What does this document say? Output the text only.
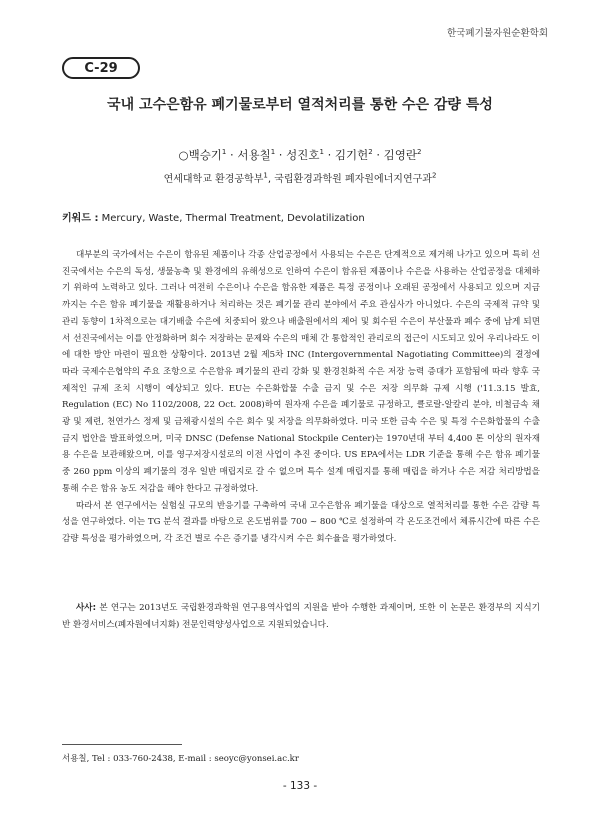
한국폐기물자원순환학회
C-29
국내 고수은함유 폐기물로부터 열적처리를 통한 수은 감량 특성
○백승기$^1$ · 서용칠$^1$ · 성진호$^1$ · 김기헌$^2$ · 김영란$^2$
연세대학교 환경공학부$^1$, 국립환경과학원 폐자원에너지연구과$^2$
키워드 : Mercury, Waste, Thermal Treatment, Devolatilization

대부분의 국가에서는 수은이 함유된 제품이나 각종 산업공정에서 사용되는 수은은 단계적으로 제거해 나가고 있으며 특히 선진국에서는 수은의 독성, 생물농축 및 환경에의 유해성으로 인하여 수은이 함유된 제품이나 수은을 사용하는 산업공정을 대체하기 위하여 노력하고 있다. 그러나 여전히 수은이나 수은을 함유한 제품은 특정 공정이나 오래된 공정에서 사용되고 있으며 지금까지는 수은 함유 폐기물을 재활용하거나 처리하는 것은 폐기물 관리 분야에서 주요 관심사가 아니었다. 수은의 국제적 규약 및 관리 동향이 1차적으로는 대기배출 수은에 치중되어 왔으나 배출원에서의 제어 및 회수된 수은이 부산물과 폐수 중에 남게 되면서 선진국에서는 이를 안정화하며 회수 저장하는 문제와 수은의 매체 간 통합적인 관리로의 접근이 시도되고 있어 우리나라도 이에 대한 방안 마련이 필요한 상황이다. 2013년 2월 제5차 INC (Intergovernmental Nagotiating Committee)의 결정에 따라 국제수은협약의 주요 조항으로 수은함유 폐기물의 관리 강화 및 환경친화적 수은 저장 능력 증대가 포함됨에 따라 향후 국제적인 규제 조치 시행이 예상되고 있다. EU는 수은화합물 수출 금지 및 수은 저장 의무화 규제 시행 ('11.3.15 발효, Regulation (EC) No 1102/2008, 22 Oct. 2008)하여 원자재 수은을 폐기물로 규정하고, 클로랄-알칼리 분야, 비철금속 채광 및 제련, 천연가스 정제 및 금채광시설의 수은 회수 및 저장을 의무화하였다. 미국 또한 금속 수은 및 특정 수은화합물의 수출금지 법안을 발표하였으며, 미국 DNSC (Defense National Stockpile Center)는 1970년대 부터 4,400 톤 이상의 원자재용 수은을 보관해왔으며, 이를 영구저장시설로의 이전 사업이 추진 중이다. US EPA에서는 LDR 기준을 통해 수은 함유 폐기물 중 260 ppm 이상의 폐기물의 경우 일반 매립지로 갈 수 없으며 특수 설계 매립지를 통해 매립을 하거나 수은 저감 처리방법을 통해 수은 함유 농도 저감을 해야 한다고 규정하였다.

따라서 본 연구에서는 실험실 규모의 반응기를 구축하여 국내 고수은함유 폐기물을 대상으로 열적처리를 통한 수은 감량 특성을 연구하였다. 이는 TG 분석 결과를 바탕으로 온도범위를 700 ~ 800 ℃로 설정하여 각 온도조건에서 체류시간에 따른 수은 감량 특성을 평가하였으며, 각 조건 별로 수은 증기를 냉각시켜 수은 회수율을 평가하였다.

사사: 본 연구는 2013년도 국립환경과학원 연구용역사업의 지원을 받아 수행한 과제이며, 또한 이 논문은 환경부의 지식기반 환경서비스(폐자원에너지화) 전문인력양성사업으로 지원되었습니다.

서용칠, Tel : 033-760-2438, E-mail : seoyc@yonsei.ac.kr
- 133 -
